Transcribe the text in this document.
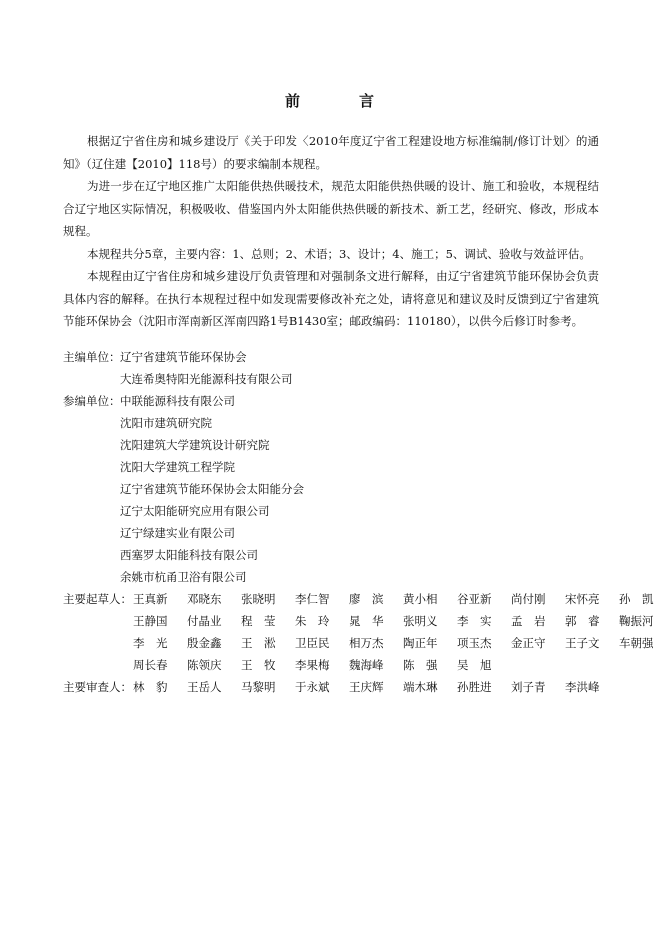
前　言

根据辽宁省住房和城乡建设厅《关于印发〈2010年度辽宁省工程建设地方标准编制/修订计划〉的通知》（辽住建【2010】118号）的要求编制本规程。

为进一步在辽宁地区推广太阳能供热供暖技术，规范太阳能供热供暖的设计、施工和验收，本规程结合辽宁地区实际情况，积极吸收、借鉴国内外太阳能供热供暖的新技术、新工艺，经研究、修改，形成本规程。

本规程共分5章，主要内容：1、总则；2、术语；3、设计；4、施工；5、调试、验收与效益评估。

本规程由辽宁省住房和城乡建设厅负责管理和对强制条文进行解释，由辽宁省建筑节能环保协会负责具体内容的解释。在执行本规程过程中如发现需要修改补充之处，请将意见和建议及时反馈到辽宁省建筑节能环保协会（沈阳市浑南新区浑南四路1号B1430室；邮政编码：110180），以供今后修订时参考。

主编单位： 辽宁省建筑节能环保协会
大连希奥特阳光能源科技有限公司
参编单位： 中联能源科技有限公司
沈阳市建筑研究院
沈阳建筑大学建筑设计研究院
沈阳大学建筑工程学院
辽宁省建筑节能环保协会太阳能分会
辽宁太阳能研究应用有限公司
辽宁绿建实业有限公司
西塞罗太阳能科技有限公司
余姚市杭甬卫浴有限公司
主要起草人： 王真新	邓晓东	张晓明	李仁智	廖　滨	黄小相	谷亚新	尚付刚	宋怀亮	孙　凯
王静国	付晶业	程　莹	朱　玲	晁　华	张明义	李　实	孟　岩	郭　睿	鞠振河
李　光	殷金鑫	王　淞	卫臣民	相万杰	陶正年	项玉杰	金正守	王子文	车朝强
周长春	陈领庆	王　牧	李果梅	魏海峰	陈　强	吴　旭
主要审查人： 林　豹	王岳人	马黎明	于永斌	王庆辉	端木琳	孙胜进	刘子青	李洪峰
